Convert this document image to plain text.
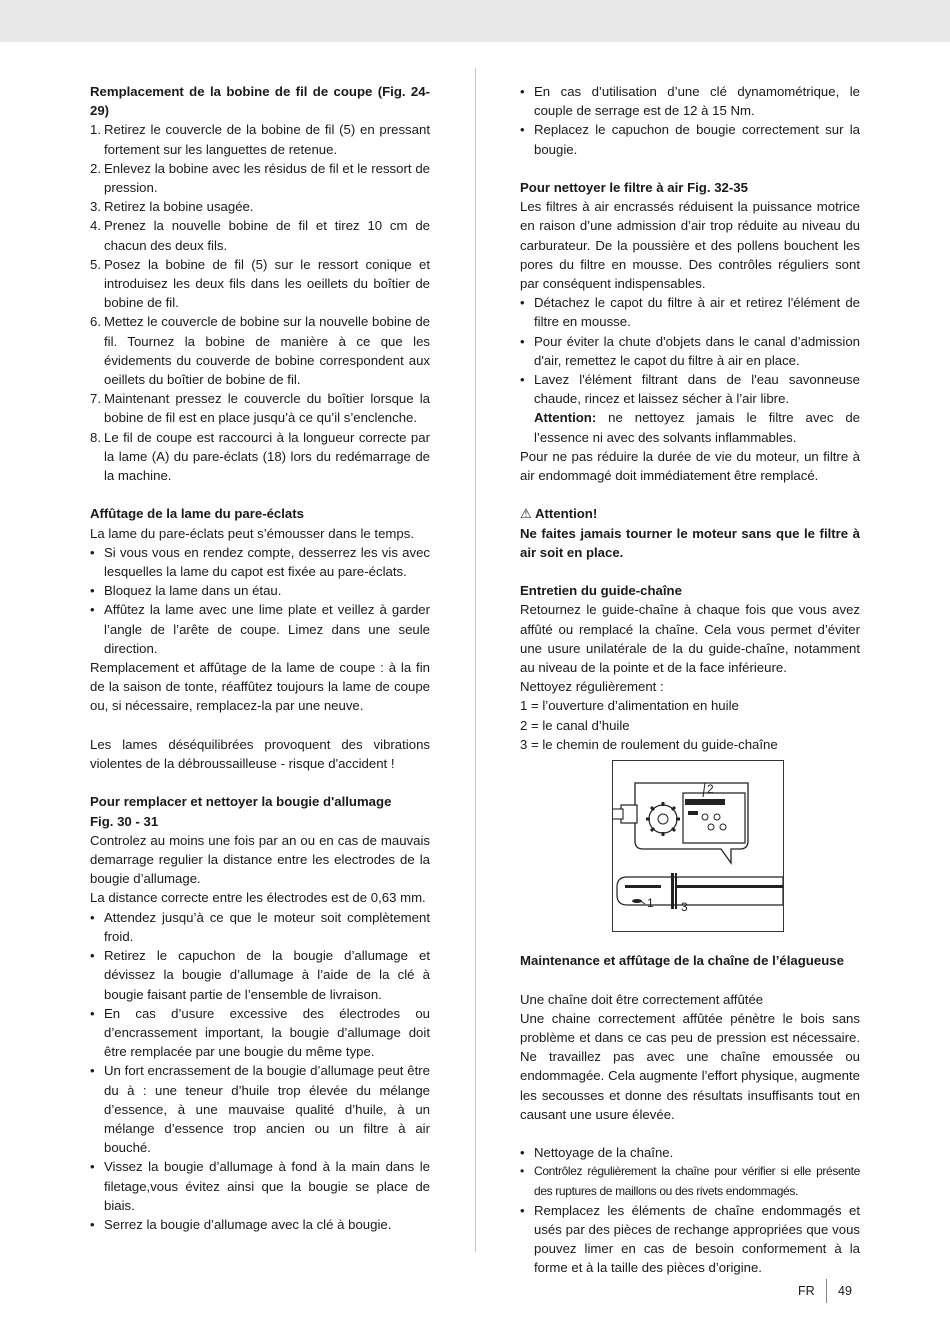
Remplacement de la bobine de fil de coupe (Fig. 24-29)

1. Retirez le couvercle de la bobine de fil (5) en pressant fortement sur les languettes de retenue.
2. Enlevez la bobine avec les résidus de fil et le ressort de pression.
3. Retirez la bobine usagée.
4. Prenez la nouvelle bobine de fil et tirez 10 cm de chacun des deux fils.
5. Posez la bobine de fil (5) sur le ressort conique et introduisez les deux fils dans les oeillets du boîtier de bobine de fil.
6. Mettez le couvercle de bobine sur la nouvelle bobine de fil. Tournez la bobine de manière à ce que les évidements du couverde de bobine correspondent aux oeillets du boîtier de bobine de fil.
7. Maintenant pressez le couvercle du boîtier lorsque la bobine de fil est en place jusqu’à ce qu’il s’enclenche.
8. Le fil de coupe est raccourci à la longueur correcte par la lame (A) du pare-éclats (18) lors du redémarrage de la machine.

Affûtage de la lame du pare-éclats

La lame du pare-éclats peut s’émousser dans le temps.

• Si vous vous en rendez compte, desserrez les vis avec lesquelles la lame du capot est fixée au pare-éclats.
• Bloquez la lame dans un étau.
• Affûtez la lame avec une lime plate et veillez à garder l’angle de l’arête de coupe. Limez dans une seule direction.

Remplacement et affûtage de la lame de coupe : à la fin de la saison de tonte, réaffûtez toujours la lame de coupe ou, si nécessaire, remplacez-la par une neuve.

Les lames déséquilibrées provoquent des vibrations violentes de la débroussailleuse - risque d'accident !

Pour remplacer et nettoyer la bougie d'allumage

Fig. 30 - 31

Controlez au moins une fois par an ou en cas de mauvais demarrage regulier la distance entre les electrodes de la bougie d’allumage.

La distance correcte entre les électrodes est de 0,63 mm.

• Attendez jusqu’à ce que le moteur soit complètement froid.
• Retirez le capuchon de la bougie d’allumage et dévissez la bougie d’allumage à l’aide de la clé à bougie faisant partie de l’ensemble de livraison.
• En cas d’usure excessive des électrodes ou d’encrassement important, la bougie d’allumage doit être remplacée par une bougie du même type.
• Un fort encrassement de la bougie d’allumage peut être du à : une teneur d’huile trop élevée du mélange d’essence, à une mauvaise qualité d’huile, à un mélange d’essence trop ancien ou un filtre à air bouché.
• Vissez la bougie d’allumage à fond à la main dans le filetage,vous évitez ainsi que la bougie se place de biais.
• Serrez la bougie d’allumage avec la clé à bougie.
• En cas d’utilisation d’une clé dynamométrique, le couple de serrage est de 12 à 15 Nm.
• Replacez le capuchon de bougie correctement sur la bougie.

Pour nettoyer le filtre à air Fig. 32-35

Les filtres à air encrassés réduisent la puissance motrice en raison d’une admission d’air trop réduite au niveau du carburateur. De la poussière et des pollens bouchent les pores du filtre en mousse. Des contrôles réguliers sont par conséquent indispensables.

• Détachez le capot du filtre à air et retirez l'élément de filtre en mousse.
• Pour éviter la chute d'objets dans le canal d’admission d'air, remettez le capot du filtre à air en place.
• Lavez l'élément filtrant dans de l'eau savonneuse chaude, rincez et laissez sécher à l’air libre.

Attention: ne nettoyez jamais le filtre avec de l’essence ni avec des solvants inflammables.

Pour ne pas réduire la durée de vie du moteur, un filtre à air endommagé doit immédiatement être remplacé.

⚠ Attention!

Ne faites jamais tourner le moteur sans que le filtre à air soit en place.

Entretien du guide-chaîne

Retournez le guide-chaîne à chaque fois que vous avez affûté ou remplacé la chaîne. Cela vous permet d’éviter une usure unilatérale de la du guide-chaîne, notamment au niveau de la pointe et de la face inférieure.

Nettoyez régulièrement :

1 = l’ouverture d’alimentation en huile

2 = le canal d’huile

3 = le chemin de roulement du guide-chaîne

2
1 3

Maintenance et affûtage de la chaîne de l’élagueuse

Une chaîne doit être correctement affûtée

Une chaine correctement affûtée pénètre le bois sans problème et dans ce cas peu de pression est nécessaire. Ne travaillez pas avec une chaîne emoussée ou endommagée. Cela augmente l’effort physique, augmente les secousses et donne des résultats insuffisants tout en causant une usure élevée.

• Nettoyage de la chaîne.
• Contrôlez régulièrement la chaîne pour vérifier si elle présente des ruptures de maillons ou des rivets endommagés.
• Remplacez les éléments de chaîne endommagés et usés par des pièces de rechange appropriées que vous pouvez limer en cas de besoin conformement à la forme et à la taille des pièces d’origine.
FR 49
